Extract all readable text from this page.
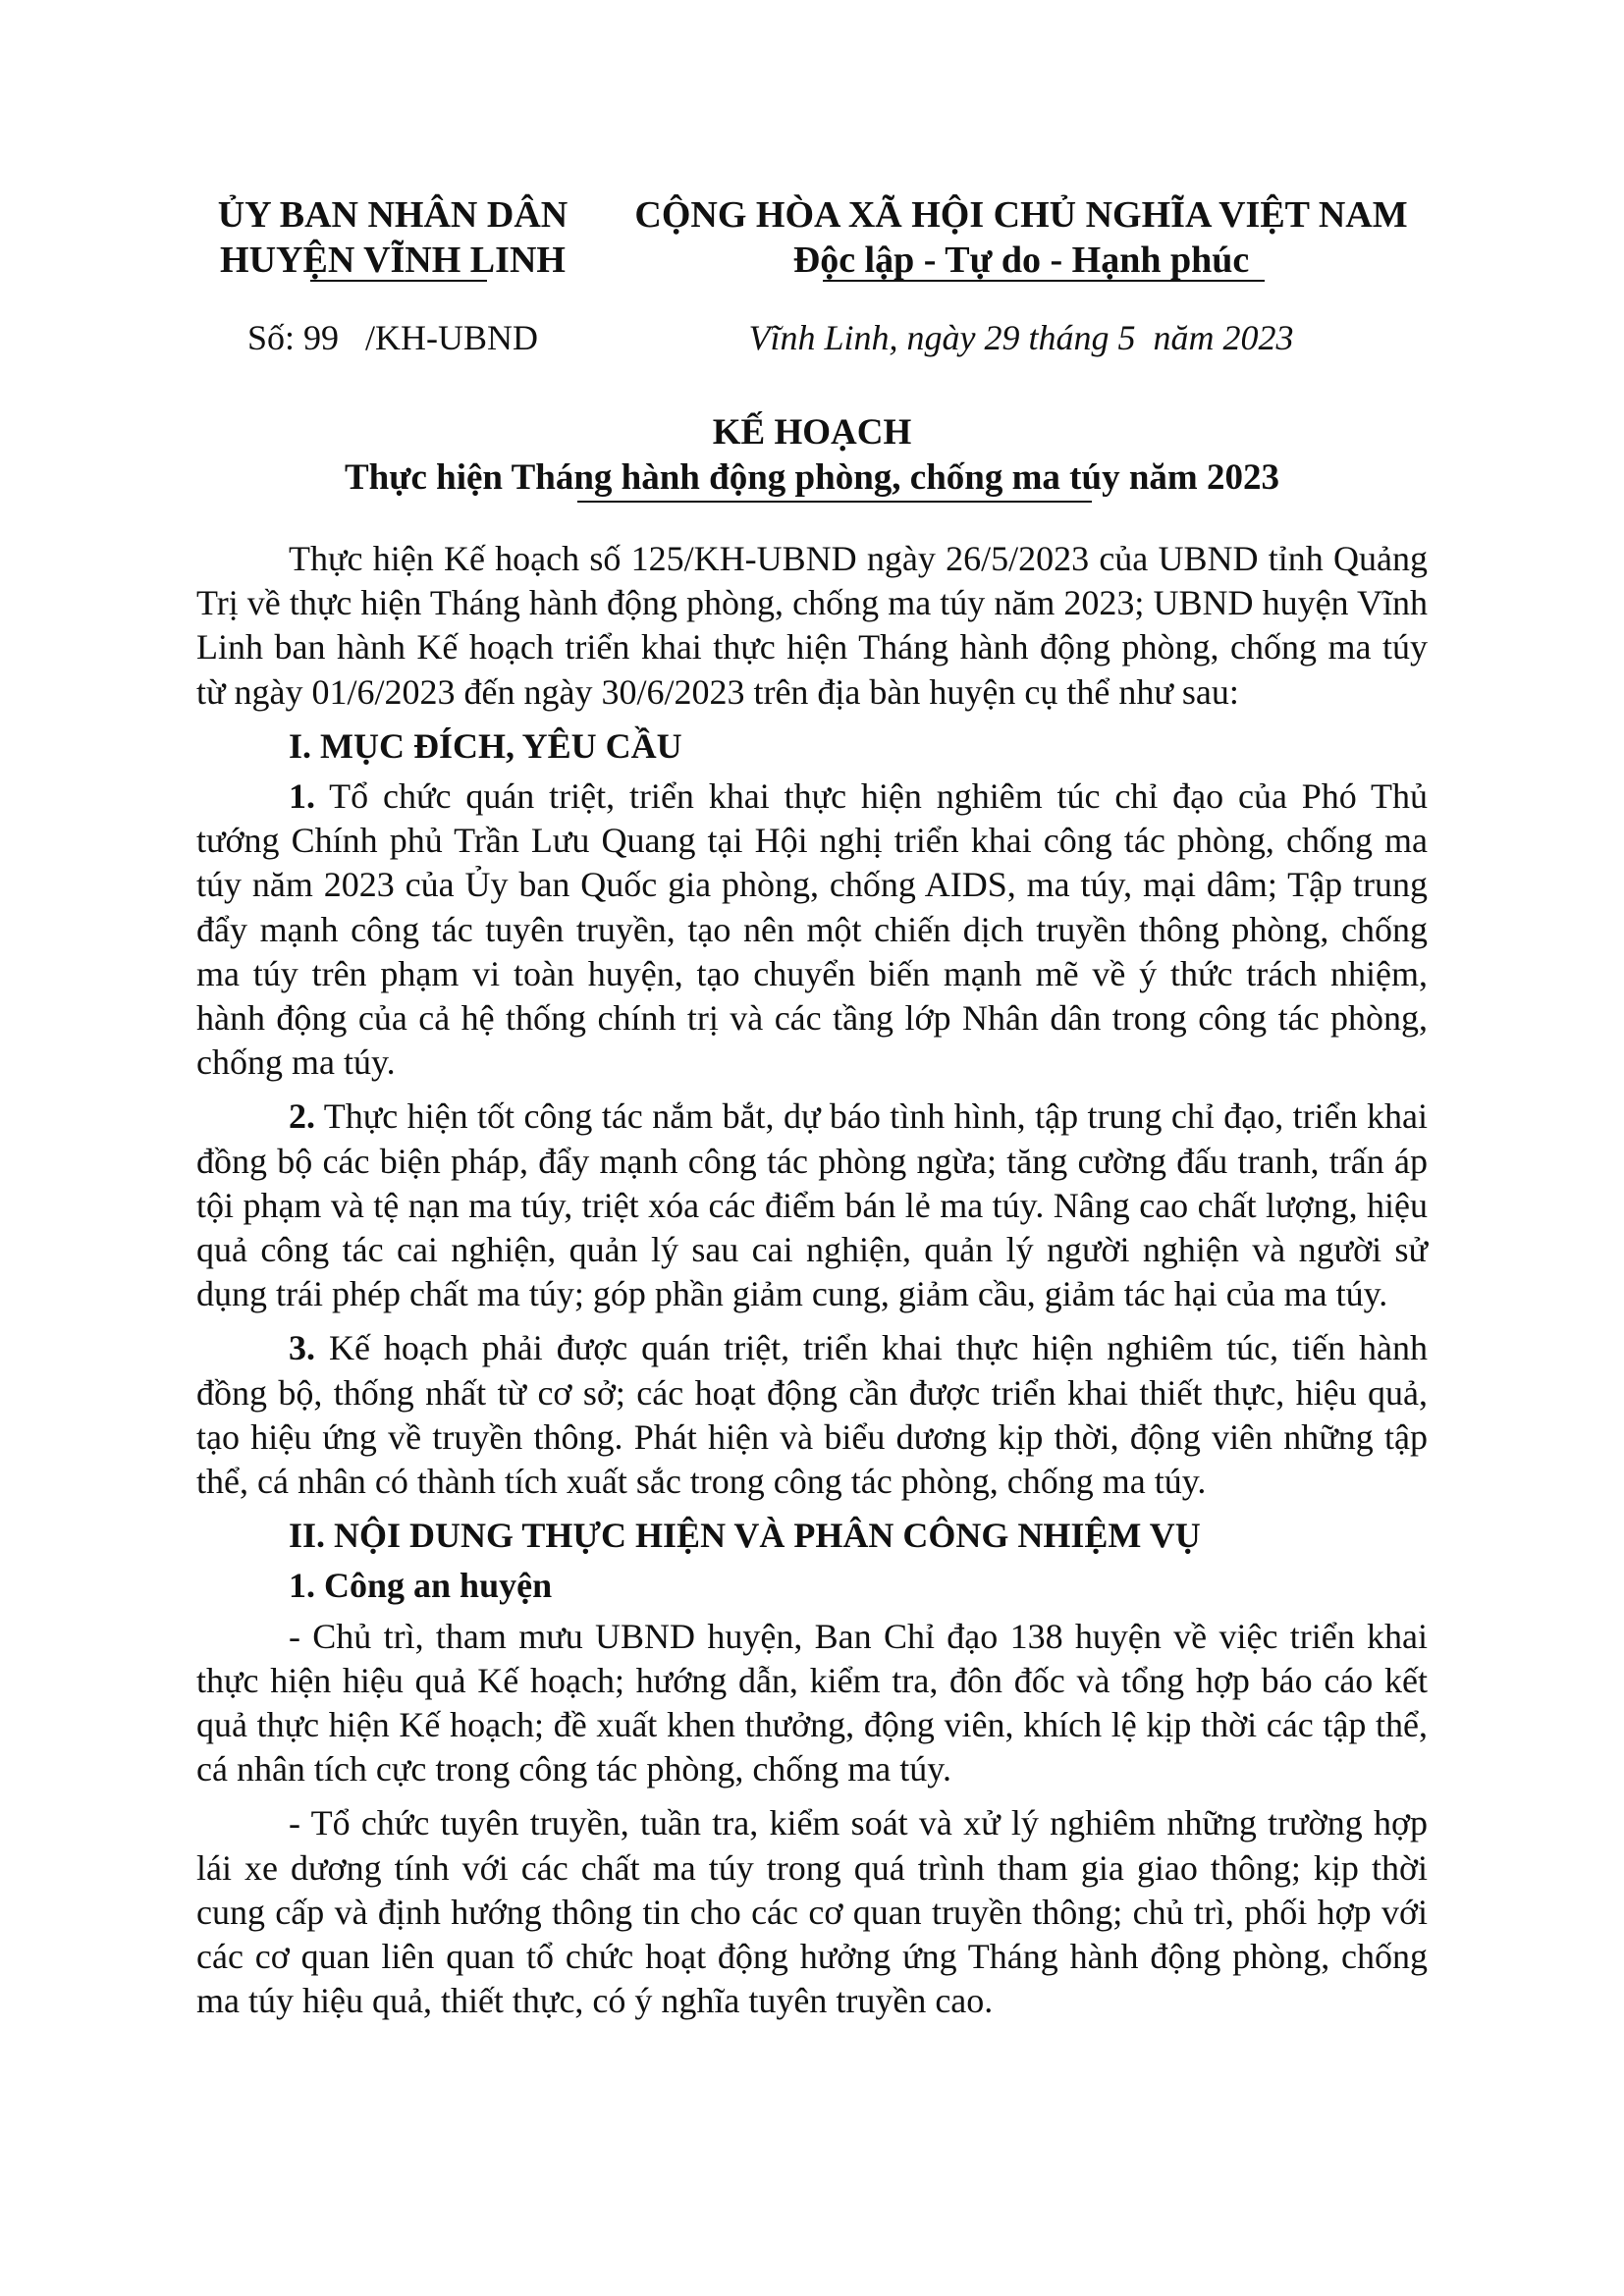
ỦY BAN NHÂN DÂN
HUYỆN VĨNH LINH
CỘNG HÒA XÃ HỘI CHỦ NGHĨA VIỆT NAM
Độc lập - Tự do - Hạnh phúc
Số: 99   /KH-UBND	Vĩnh Linh, ngày 29 tháng 5  năm 2023
KẾ HOẠCH
Thực hiện Tháng hành động phòng, chống ma túy năm 2023

Thực hiện Kế hoạch số 125/KH-UBND ngày 26/5/2023 của UBND tỉnh Quảng Trị về thực hiện Tháng hành động phòng, chống ma túy năm 2023; UBND huyện Vĩnh Linh ban hành Kế hoạch triển khai thực hiện Tháng hành động phòng, chống ma túy từ ngày 01/6/2023 đến ngày 30/6/2023 trên địa bàn huyện cụ thể như sau:

I. MỤC ĐÍCH, YÊU CẦU

1. Tổ chức quán triệt, triển khai thực hiện nghiêm túc chỉ đạo của Phó Thủ tướng Chính phủ Trần Lưu Quang tại Hội nghị triển khai công tác phòng, chống ma túy năm 2023 của Ủy ban Quốc gia phòng, chống AIDS, ma túy, mại dâm; Tập trung đẩy mạnh công tác tuyên truyền, tạo nên một chiến dịch truyền thông phòng, chống ma túy trên phạm vi toàn huyện, tạo chuyển biến mạnh mẽ về ý thức trách nhiệm, hành động của cả hệ thống chính trị và các tầng lớp Nhân dân trong công tác phòng, chống ma túy.

2. Thực hiện tốt công tác nắm bắt, dự báo tình hình, tập trung chỉ đạo, triển khai đồng bộ các biện pháp, đẩy mạnh công tác phòng ngừa; tăng cường đấu tranh, trấn áp tội phạm và tệ nạn ma túy, triệt xóa các điểm bán lẻ ma túy. Nâng cao chất lượng, hiệu quả công tác cai nghiện, quản lý sau cai nghiện, quản lý người nghiện và người sử dụng trái phép chất ma túy; góp phần giảm cung, giảm cầu, giảm tác hại của ma túy.

3. Kế hoạch phải được quán triệt, triển khai thực hiện nghiêm túc, tiến hành đồng bộ, thống nhất từ cơ sở; các hoạt động cần được triển khai thiết thực, hiệu quả, tạo hiệu ứng về truyền thông. Phát hiện và biểu dương kịp thời, động viên những tập thể, cá nhân có thành tích xuất sắc trong công tác phòng, chống ma túy.

II. NỘI DUNG THỰC HIỆN VÀ PHÂN CÔNG NHIỆM VỤ
1. Công an huyện

- Chủ trì, tham mưu UBND huyện, Ban Chỉ đạo 138 huyện về việc triển khai thực hiện hiệu quả Kế hoạch; hướng dẫn, kiểm tra, đôn đốc và tổng hợp báo cáo kết quả thực hiện Kế hoạch; đề xuất khen thưởng, động viên, khích lệ kịp thời các tập thể, cá nhân tích cực trong công tác phòng, chống ma túy.

- Tổ chức tuyên truyền, tuần tra, kiểm soát và xử lý nghiêm những trường hợp lái xe dương tính với các chất ma túy trong quá trình tham gia giao thông; kịp thời cung cấp và định hướng thông tin cho các cơ quan truyền thông; chủ trì, phối hợp với các cơ quan liên quan tổ chức hoạt động hưởng ứng Tháng hành động phòng, chống ma túy hiệu quả, thiết thực, có ý nghĩa tuyên truyền cao.
